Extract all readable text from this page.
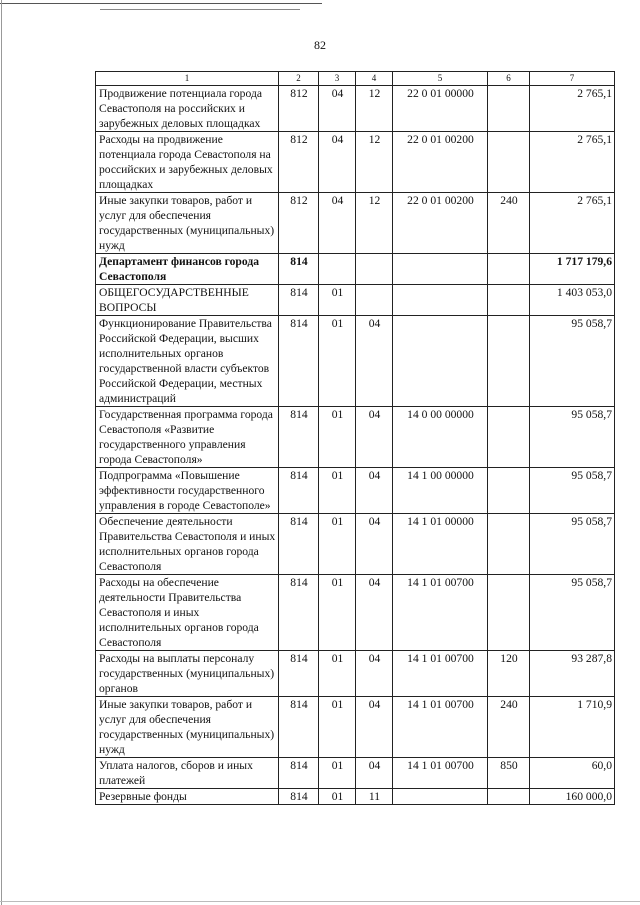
82
1	2	3	4	5	6	7
Продвижение потенциала города Севастополя на российских и зарубежных деловых площадках	812	04	12	22 0 01 00000		2 765,1
Расходы на продвижение потенциала города Севастополя на российских и зарубежных деловых площадках	812	04	12	22 0 01 00200		2 765,1
Иные закупки товаров, работ и услуг для обеспечения государственных (муниципальных) нужд	812	04	12	22 0 01 00200	240	2 765,1
Департамент финансов города Севастополя	814					1 717 179,6
ОБЩЕГОСУДАРСТВЕННЫЕ ВОПРОСЫ	814	01				1 403 053,0
Функционирование Правительства Российской Федерации, высших исполнительных органов государственной власти субъектов Российской Федерации, местных администраций	814	01	04			95 058,7
Государственная программа города Севастополя «Развитие государственного управления города Севастополя»	814	01	04	14 0 00 00000		95 058,7
Подпрограмма «Повышение эффективности государственного управления в городе Севастополе»	814	01	04	14 1 00 00000		95 058,7
Обеспечение деятельности Правительства Севастополя и иных исполнительных органов города Севастополя	814	01	04	14 1 01 00000		95 058,7
Расходы на обеспечение деятельности Правительства Севастополя и иных исполнительных органов города Севастополя	814	01	04	14 1 01 00700		95 058,7
Расходы на выплаты персоналу государственных (муниципальных) органов	814	01	04	14 1 01 00700	120	93 287,8
Иные закупки товаров, работ и услуг для обеспечения государственных (муниципальных) нужд	814	01	04	14 1 01 00700	240	1 710,9
Уплата налогов, сборов и иных платежей	814	01	04	14 1 01 00700	850	60,0
Резервные фонды	814	01	11			160 000,0
